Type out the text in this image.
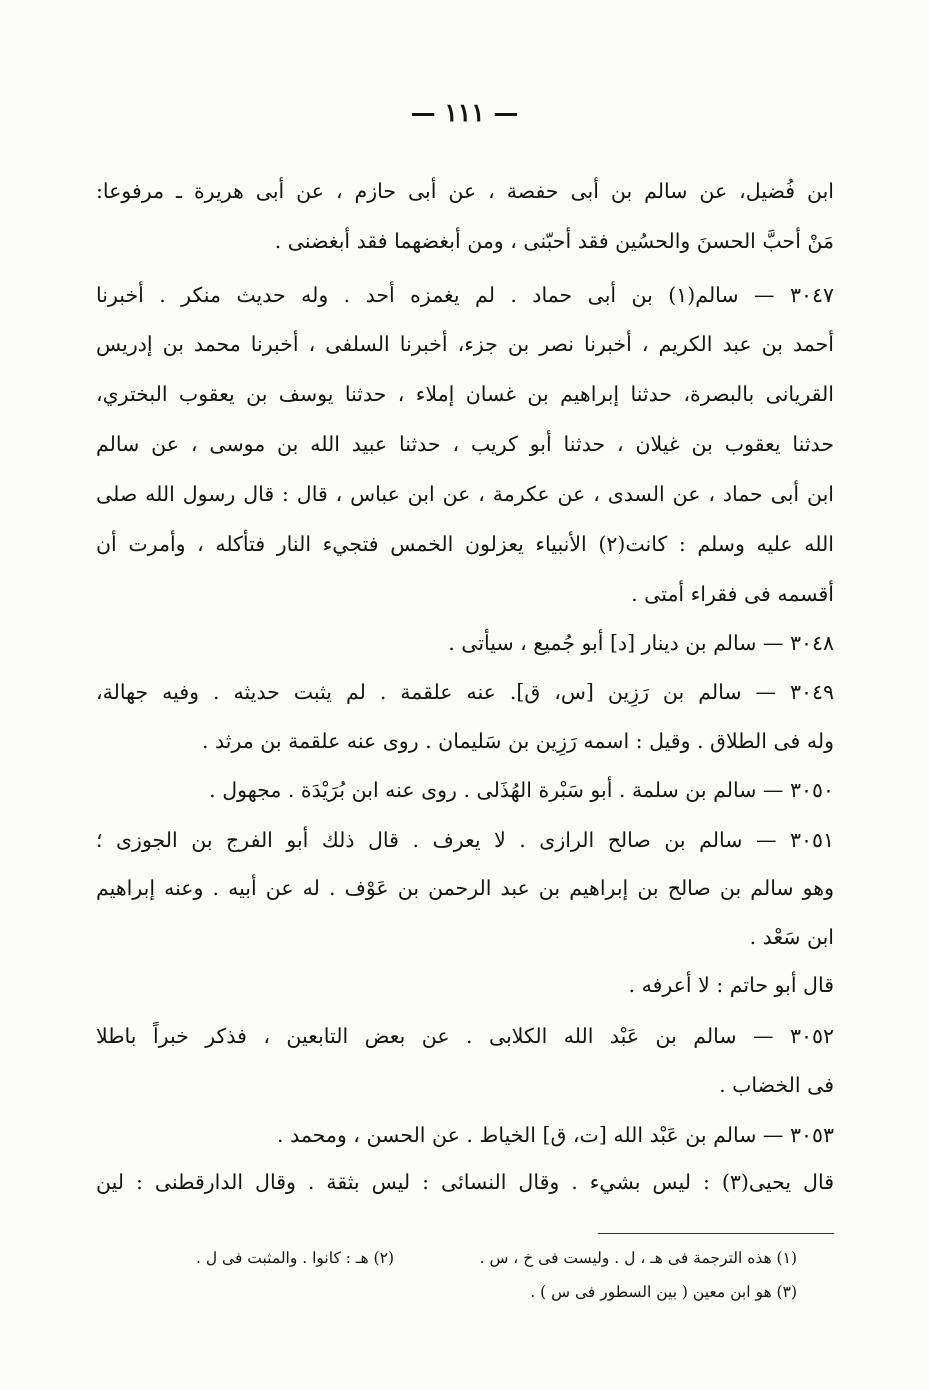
— ١١١ —
ابن فُضيل، عن سالم بن أبى حفصة ، عن أبى حازم ، عن أبى هريرة ـ مرفوعا:
مَنْ أحبَّ الحسنَ والحسُين فقد أحبّنى ، ومن أبغضهما فقد أبغضنى .
٣٠٤٧ — سالم(١) بن أبى حماد . لم يغمزه أحد . وله حديث منكر . أخبرنا
أحمد بن عبد الكريم ، أخبرنا نصر بن جزء، أخبرنا السلفى ، أخبرنا محمد بن إدريس
القريانى بالبصرة، حدثنا إبراهيم بن غسان إملاء ، حدثنا يوسف بن يعقوب البختري،
حدثنا يعقوب بن غيلان ، حدثنا أبو كريب ، حدثنا عبيد الله بن موسى ، عن سالم
ابن أبى حماد ، عن السدى ، عن عكرمة ، عن ابن عباس ، قال : قال رسول الله صلى
الله عليه وسلم : كانت(٢) الأنبياء يعزلون الخمس فتجيء النار فتأكله ، وأمرت أن
أقسمه فى فقراء أمتى .
٣٠٤٨ — سالم بن دينار [د] أبو جُميع ، سيأتى .
٣٠٤٩ — سالم بن رَزِين [س، ق]. عنه علقمة . لم يثبت حديثه . وفيه جهالة،
وله فى الطلاق . وقيل : اسمه رَزِين بن سَليمان . روى عنه علقمة بن مرثد .
٣٠٥٠ — سالم بن سلمة . أبو سَبْرة الهُذَلى . روى عنه ابن بُرَيْدَة . مجهول .
٣٠٥١ — سالم بن صالح الرازى . لا يعرف . قال ذلك أبو الفرج بن الجوزى ؛
وهو سالم بن صالح بن إبراهيم بن عبد الرحمن بن عَوْف . له عن أبيه . وعنه إبراهيم
ابن سَعْد .
قال أبو حاتم : لا أعرفه .
٣٠٥٢ — سالم بن عَبْد الله الكلابى . عن بعض التابعين ، فذكر خبراً باطلا
فى الخضاب .
٣٠٥٣ — سالم بن عَبْد الله [ت، ق] الخياط . عن الحسن ، ومحمد .
قال يحيى(٣) : ليس بشيء . وقال النسائى : ليس بثقة . وقال الدارقطنى : لين
(١) هذه الترجمة فى هـ ، ل . وليست فى خ ، س .
(٢) هـ : كانوا . والمثبت فى ل .
(٣) هو ابن معين ( بين السطور فى س ) .
